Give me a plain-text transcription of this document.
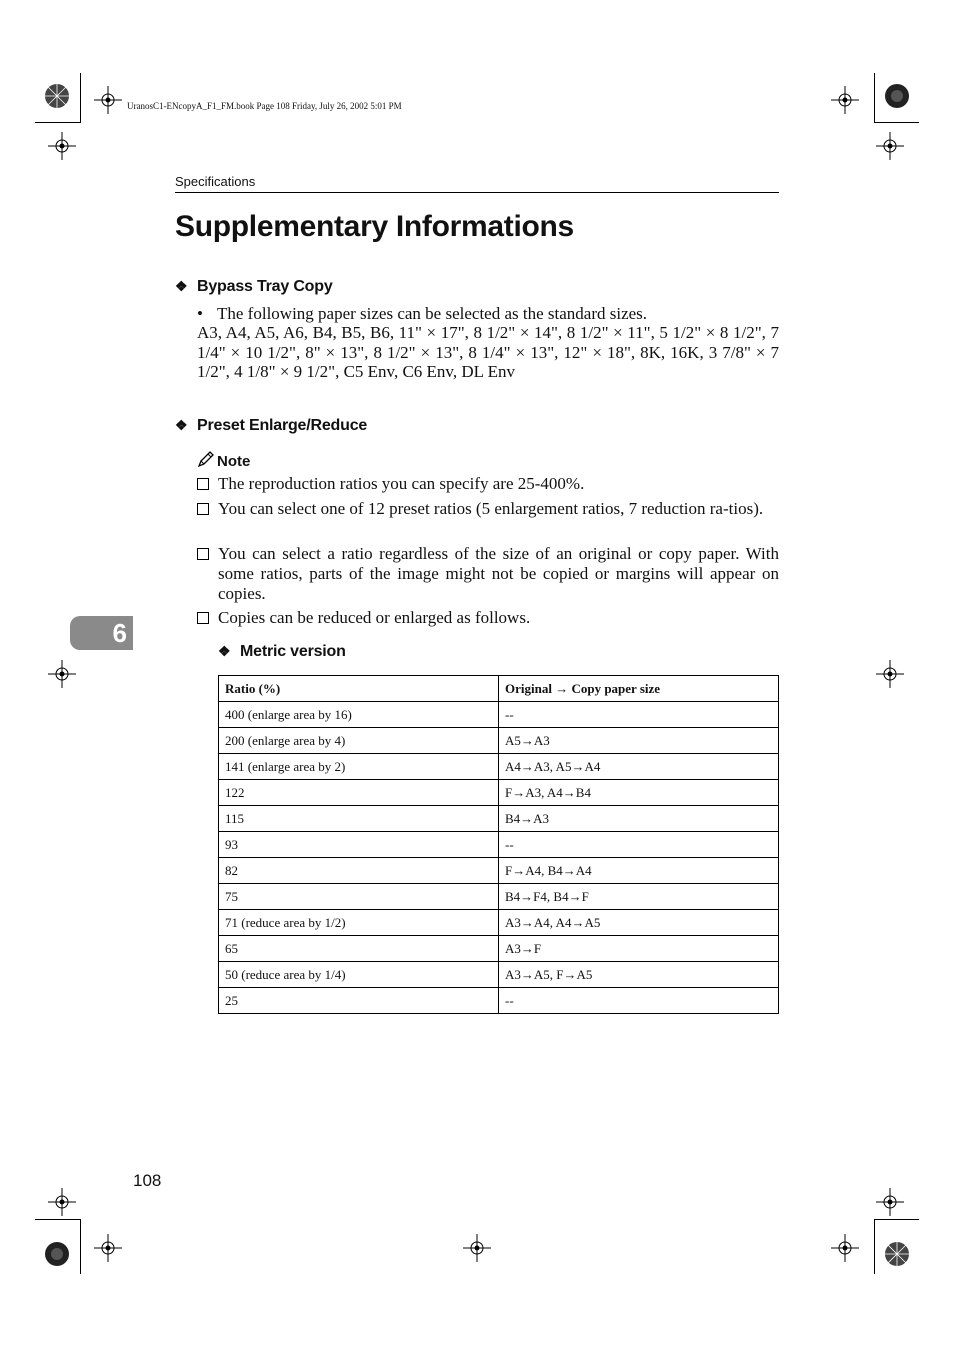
UranosC1-ENcopyA_F1_FM.book Page 108 Friday, July 26, 2002 5:01 PM
Specifications
Supplementary Informations
❖ Bypass Tray Copy
• The following paper sizes can be selected as the standard sizes.
A3, A4, A5, A6, B4, B5, B6, 11" × 17", 8 1/2" × 14", 8 1/2" × 11", 5 1/2" × 8 1/2", 7 1/4" × 10 1/2", 8" × 13", 8 1/2" × 13", 8 1/4" × 13", 12" × 18", 8K, 16K, 3 7/8" × 7 1/2", 4 1/8" × 9 1/2", C5 Env, C6 Env, DL Env
❖ Preset Enlarge/Reduce
Note
The reproduction ratios you can specify are 25-400%.
You can select one of 12 preset ratios (5 enlargement ratios, 7 reduction ra-tios).
You can select a ratio regardless of the size of an original or copy paper. With some ratios, parts of the image might not be copied or margins will appear on copies.
Copies can be reduced or enlarged as follows.
6
❖ Metric version
Ratio (%)	Original → Copy paper size
400 (enlarge area by 16)	--
200 (enlarge area by 4)	A5→A3
141 (enlarge area by 2)	A4→A3, A5→A4
122	F→A3, A4→B4
115	B4→A3
93	--
82	F→A4, B4→A4
75	B4→F4, B4→F
71 (reduce area by 1/2)	A3→A4, A4→A5
65	A3→F
50 (reduce area by 1/4)	A3→A5, F→A5
25	--
108
